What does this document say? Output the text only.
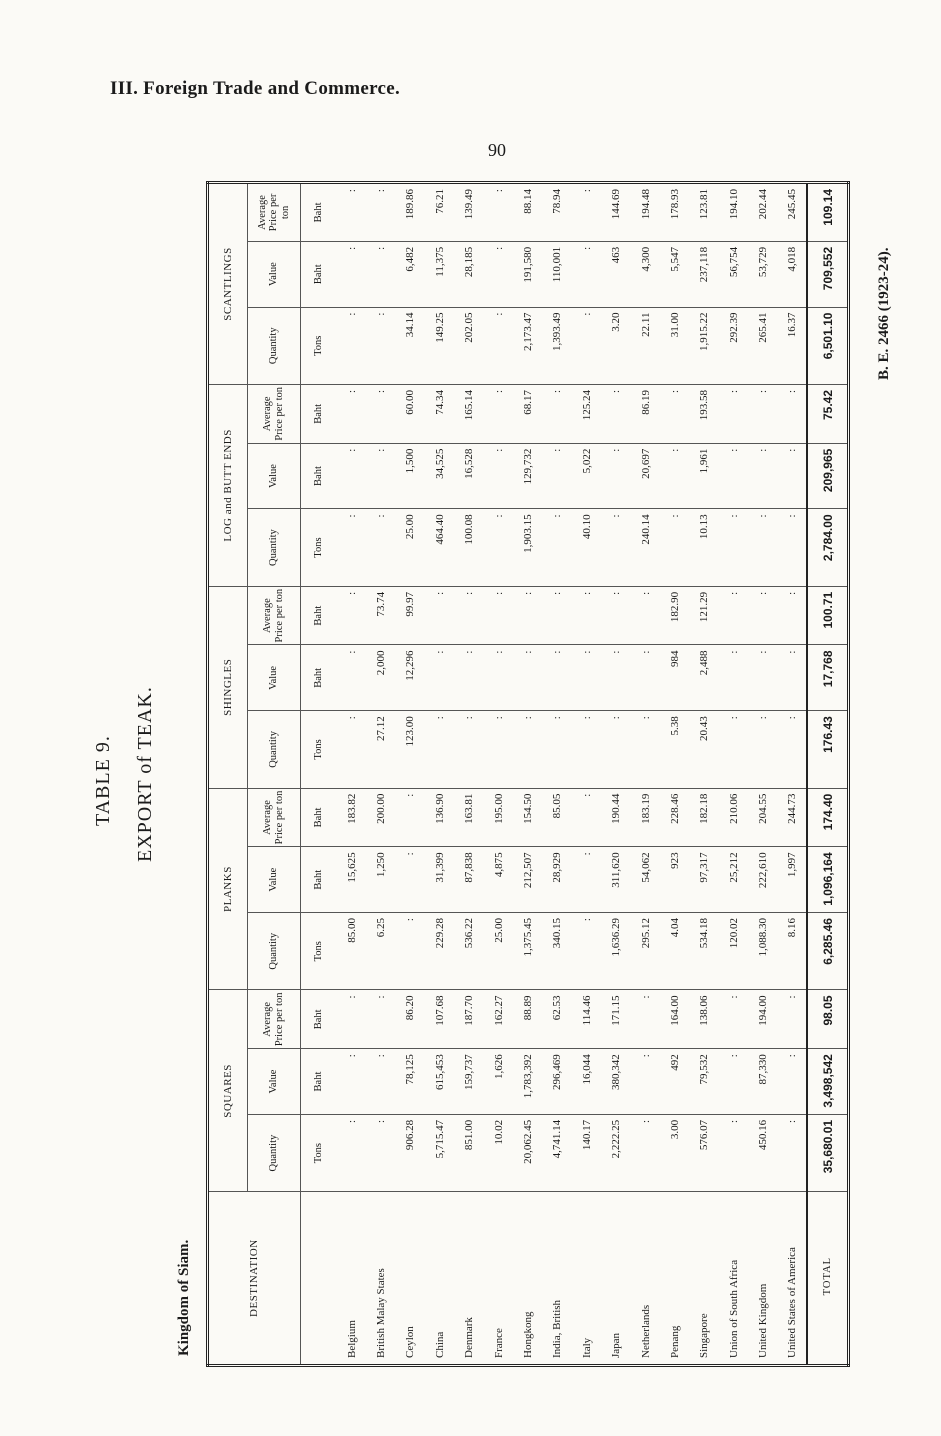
III. Foreign Trade and Commerce.
90
Kingdom of Siam.
B. E. 2466 (1923-24).
TABLE 9. EXPORT of TEAK.
DESTINATION	SQUARES			PLANKS			SHINGLES			LOG and BUTT ENDS			SCANTLINGS		
	Quantity	Value	Average Price per ton	Quantity	Value	Average Price per ton	Quantity	Value	Average Price per ton	Quantity	Value	Average Price per ton	Quantity	Value	Average Price per ton
	Tons	Baht	Baht	Tons	Baht	Baht	Tons	Baht	Baht	Tons	Baht	Baht	Tons	Baht	Baht
Belgium	:	:	:	85.00	15,625	183.82	:	:	:	:	:	:	:	:	:
British Malay States	:	:	:	6.25	1,250	200.00	27.12	2,000	73.74	:	:	:	:	:	:
Ceylon	906.28	78,125	86.20	:	:	:	123.00	12,296	99.97	25.00	1,500	60.00	34.14	6,482	189.86
China	5,715.47	615,453	107.68	229.28	31,399	136.90	:	:	:	464.40	34,525	74.34	149.25	11,375	76.21
Denmark	851.00	159,737	187.70	536.22	87,838	163.81	:	:	:	100.08	16,528	165.14	202.05	28,185	139.49
France	10.02	1,626	162.27	25.00	4,875	195.00	:	:	:	:	:	:	:	:	:
Hongkong	20,062.45	1,783,392	88.89	1,375.45	212,507	154.50	:	:	:	1,903.15	129,732	68.17	2,173.47	191,580	88.14
India, British	4,741.14	296,469	62.53	340.15	28,929	85.05	:	:	:	:	:	:	1,393.49	110,001	78.94
Italy	140.17	16,044	114.46	:	:	:	:	:	:	40.10	5,022	125.24	:	:	:
Japan	2,222.25	380,342	171.15	1,636.29	311,620	190.44	:	:	:	:	:	:	3.20	463	144.69
Netherlands	:	:	:	295.12	54,062	183.19	:	:	:	240.14	20,697	86.19	22.11	4,300	194.48
Penang	3.00	492	164.00	4.04	923	228.46	5.38	984	182.90	:	:	:	31.00	5,547	178.93
Singapore	576.07	79,532	138.06	534.18	97,317	182.18	20.43	2,488	121.29	10.13	1,961	193.58	1,915.22	237,118	123.81
Union of South Africa	:	:	:	120.02	25,212	210.06	:	:	:	:	:	:	292.39	56,754	194.10
United Kingdom	450.16	87,330	194.00	1,088.30	222,610	204.55	:	:	:	:	:	:	265.41	53,729	202.44
United States of America	:	:	:	8.16	1,997	244.73	:	:	:	:	:	:	16.37	4,018	245.45
TOTAL	35,680.01	3,498,542	98.05	6,285.46	1,096,164	174.40	176.43	17,768	100.71	2,784.00	209,965	75.42	6,501.10	709,552	109.14
